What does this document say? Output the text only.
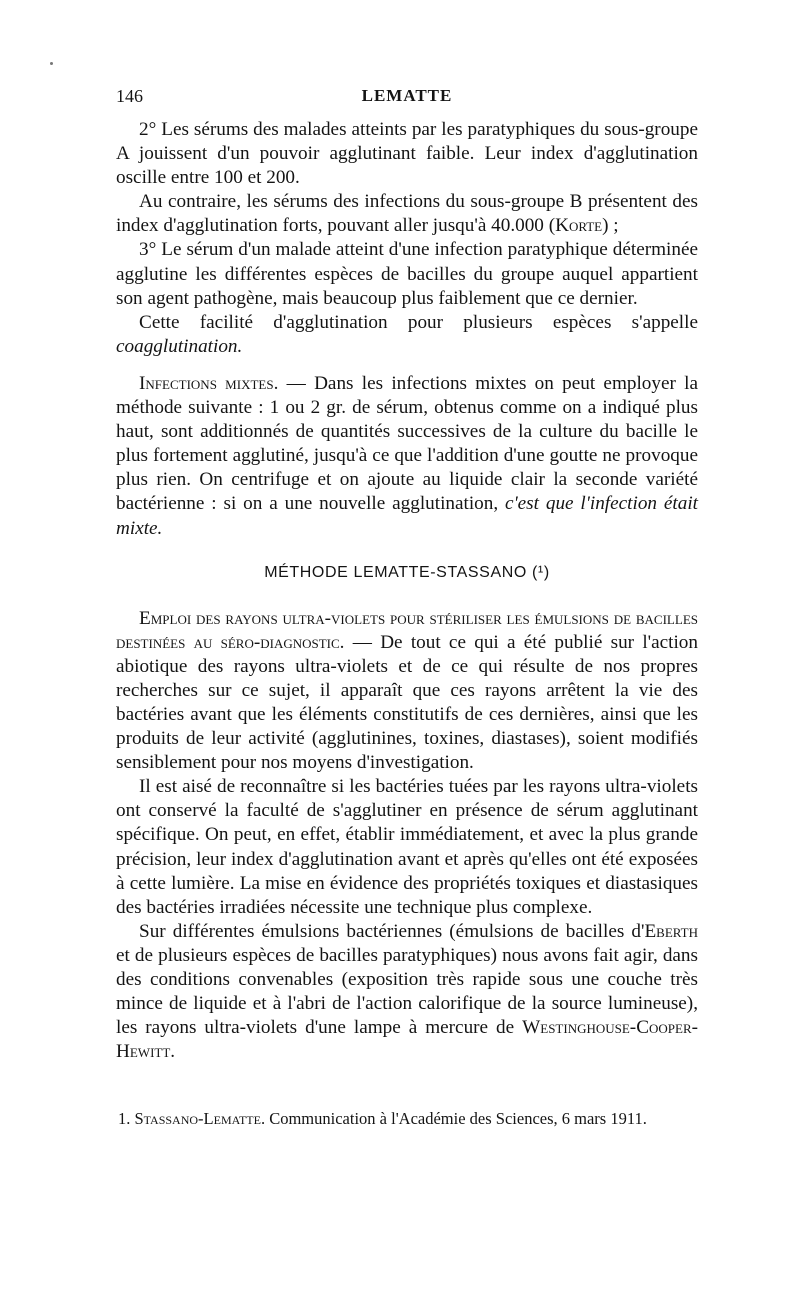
146	LEMATTE

2° Les sérums des malades atteints par les paratyphiques du sous-groupe A jouissent d'un pouvoir agglutinant faible. Leur index d'agglutination oscille entre 100 et 200.

Au contraire, les sérums des infections du sous-groupe B présentent des index d'agglutination forts, pouvant aller jusqu'à 40.000 (Korte) ;

3° Le sérum d'un malade atteint d'une infection paratyphique déterminée agglutine les différentes espèces de bacilles du groupe auquel appartient son agent pathogène, mais beaucoup plus faiblement que ce dernier.

Cette facilité d'agglutination pour plusieurs espèces s'appelle coagglutination.

Infections mixtes. — Dans les infections mixtes on peut employer la méthode suivante : 1 ou 2 gr. de sérum, obtenus comme on a indiqué plus haut, sont additionnés de quantités successives de la culture du bacille le plus fortement agglutiné, jusqu'à ce que l'addition d'une goutte ne provoque plus rien. On centrifuge et on ajoute au liquide clair la seconde variété bactérienne : si on a une nouvelle agglutination, c'est que l'infection était mixte.

MÉTHODE LEMATTE-STASSANO (¹)

Emploi des rayons ultra-violets pour stériliser les émulsions de bacilles destinées au séro-diagnostic. — De tout ce qui a été publié sur l'action abiotique des rayons ultra-violets et de ce qui résulte de nos propres recherches sur ce sujet, il apparaît que ces rayons arrêtent la vie des bactéries avant que les éléments constitutifs de ces dernières, ainsi que les produits de leur activité (agglutinines, toxines, diastases), soient modifiés sensiblement pour nos moyens d'investigation.

Il est aisé de reconnaître si les bactéries tuées par les rayons ultra-violets ont conservé la faculté de s'agglutiner en présence de sérum agglutinant spécifique. On peut, en effet, établir immédiatement, et avec la plus grande précision, leur index d'agglutination avant et après qu'elles ont été exposées à cette lumière. La mise en évidence des propriétés toxiques et diastasiques des bactéries irradiées nécessite une technique plus complexe.

Sur différentes émulsions bactériennes (émulsions de bacilles d'Eberth et de plusieurs espèces de bacilles paratyphiques) nous avons fait agir, dans des conditions convenables (exposition très rapide sous une couche très mince de liquide et à l'abri de l'action calorifique de la source lumineuse), les rayons ultra-violets d'une lampe à mercure de Westinghouse-Cooper-Hewitt.

1. Stassano-Lematte. Communication à l'Académie des Sciences, 6 mars 1911.
